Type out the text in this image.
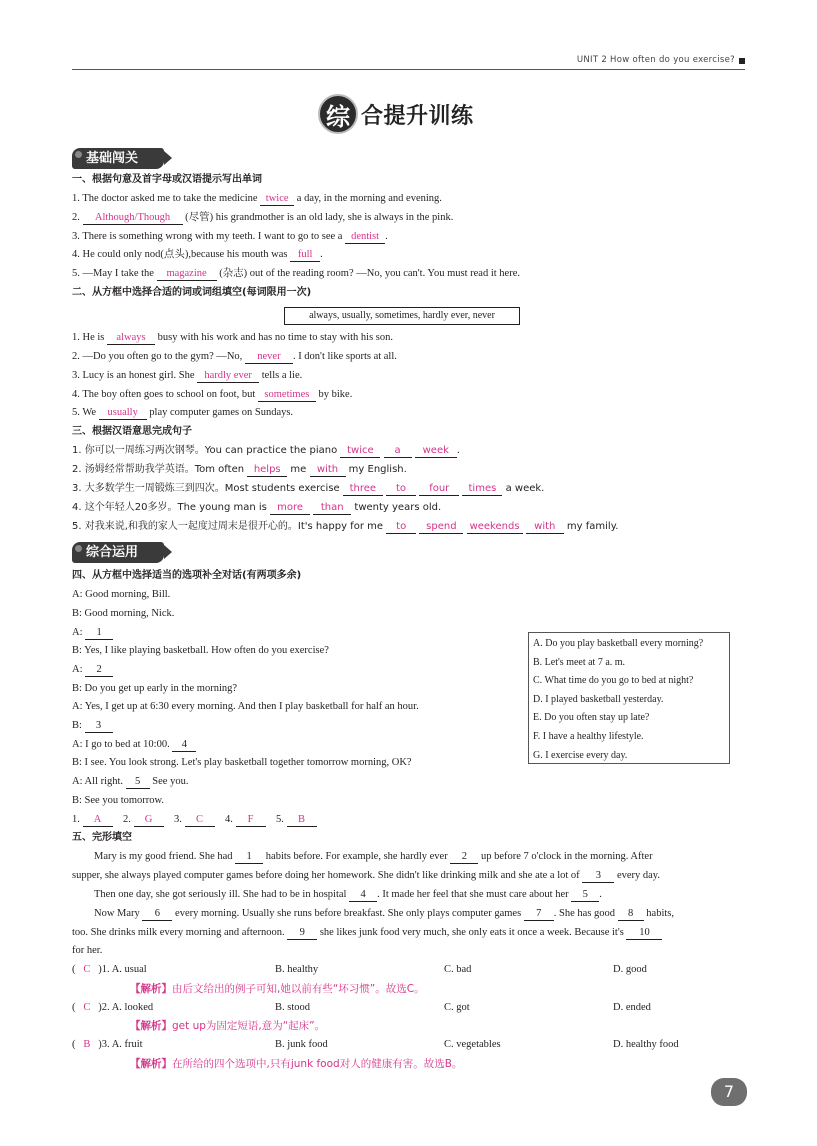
UNIT 2 How often do you exercise?
综 合提升训练
基础闯关
一、根据句意及首字母或汉语提示写出单词
1. The doctor asked me to take the medicine twice a day, in the morning and evening.
2. Although/Though (尽管) his grandmother is an old lady, she is always in the pink.
3. There is something wrong with my teeth. I want to go to see a dentist .
4. He could only nod(点头),because his mouth was full .
5. —May I take the magazine (杂志) out of the reading room? —No, you can't. You must read it here.
二、从方框中选择合适的词或词组填空(每词限用一次)
always, usually, sometimes, hardly ever, never
1. He is always busy with his work and has no time to stay with his son.
2. —Do you often go to the gym? —No, never . I don't like sports at all.
3. Lucy is an honest girl. She hardly ever tells a lie.
4. The boy often goes to school on foot, but sometimes by bike.
5. We usually play computer games on Sundays.
三、根据汉语意思完成句子
1. 你可以一周练习两次钢琴。You can practice the piano twice a week .
2. 汤姆经常帮助我学英语。Tom often helps me with my English.
3. 大多数学生一周锻炼三到四次。Most students exercise three to four times a week.
4. 这个年轻人20多岁。The young man is more than twenty years old.
5. 对我来说,和我的家人一起度过周末是很开心的。It's happy for me to spend weekends with my family.
综合运用
四、从方框中选择适当的选项补全对话(有两项多余)
A: Good morning, Bill.
B: Good morning, Nick.
A: 1
B: Yes, I like playing basketball. How often do you exercise?
A: 2
B: Do you get up early in the morning?
A: Yes, I get up at 6:30 every morning. And then I play basketball for half an hour.
B: 3
A: I go to bed at 10:00. 4
B: I see. You look strong. Let's play basketball together tomorrow morning, OK?
A: All right. 5 See you.
B: See you tomorrow.
A. Do you play basketball every morning?
B. Let's meet at 7 a. m.
C. What time do you go to bed at night?
D. I played basketball yesterday.
E. Do you often stay up late?
F. I have a healthy lifestyle.
G. I exercise every day.
1. A 2. G 3. C 4. F 5. B
五、完形填空
Mary is my good friend. She had 1 habits before. For example, she hardly ever 2 up before 7 o'clock in the morning. After
supper, she always played computer games before doing her homework. She didn't like drinking milk and she ate a lot of 3 every day.
Then one day, she got seriously ill. She had to be in hospital 4 . It made her feel that she must care about her 5 .
Now Mary 6 every morning. Usually she runs before breakfast. She only plays computer games 7 . She has good 8 habits,
too. She drinks milk every morning and afternoon. 9 she likes junk food very much, she only eats it once a week. Because it's 10
for her.
( C )1. A. usual	B. healthy	C. bad	D. good
【解析】由后文给出的例子可知,她以前有些“坏习惯”。故选C。
( C )2. A. looked	B. stood	C. got	D. ended
【解析】get up为固定短语,意为“起床”。
( B )3. A. fruit	B. junk food	C. vegetables	D. healthy food
【解析】在所给的四个选项中,只有junk food对人的健康有害。故选B。
7
